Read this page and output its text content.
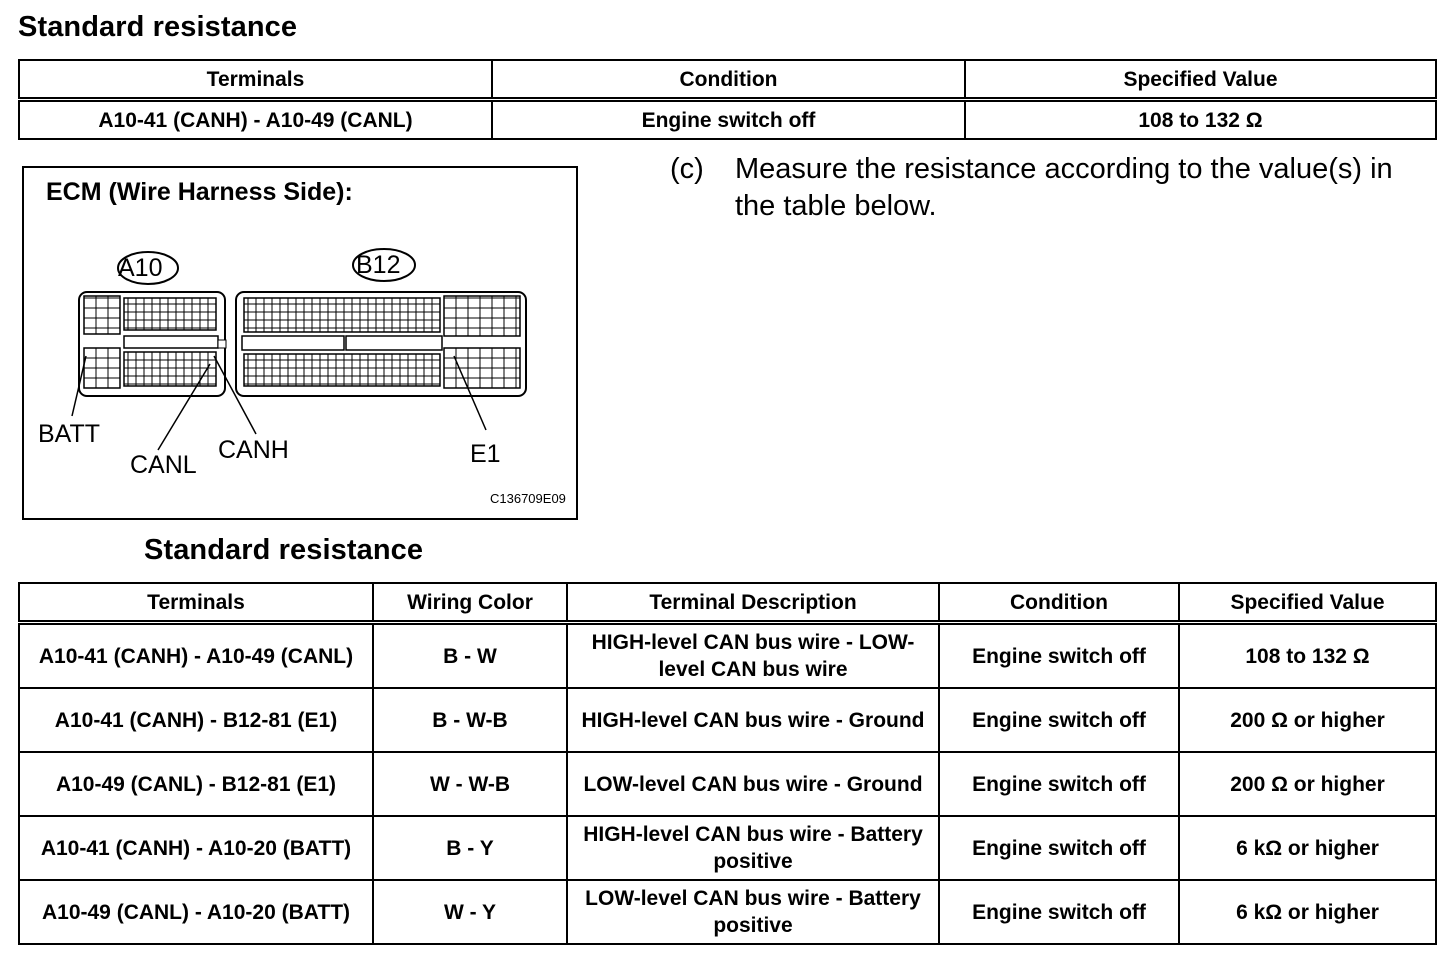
Standard resistance
Terminals	Condition	Specified Value
A10-41 (CANH) - A10-49 (CANL)	Engine switch off	108 to 132 Ω
ECM (Wire Harness Side):
A10	B12
BATT
CANL
CANH	E1
C136709E09
(c) Measure the resistance according to the value(s) in the table below.
Standard resistance
Terminals	Wiring Color	Terminal Description	Condition	Specified Value
A10-41 (CANH) - A10-49 (CANL)	B - W	HIGH-level CAN bus wire - LOW-level CAN bus wire	Engine switch off	108 to 132 Ω
A10-41 (CANH) - B12-81 (E1)	B - W-B	HIGH-level CAN bus wire - Ground	Engine switch off	200 Ω or higher
A10-49 (CANL) - B12-81 (E1)	W - W-B	LOW-level CAN bus wire - Ground	Engine switch off	200 Ω or higher
A10-41 (CANH) - A10-20 (BATT)	B - Y	HIGH-level CAN bus wire - Battery positive	Engine switch off	6 kΩ or higher
A10-49 (CANL) - A10-20 (BATT)	W - Y	LOW-level CAN bus wire - Battery positive	Engine switch off	6 kΩ or higher
